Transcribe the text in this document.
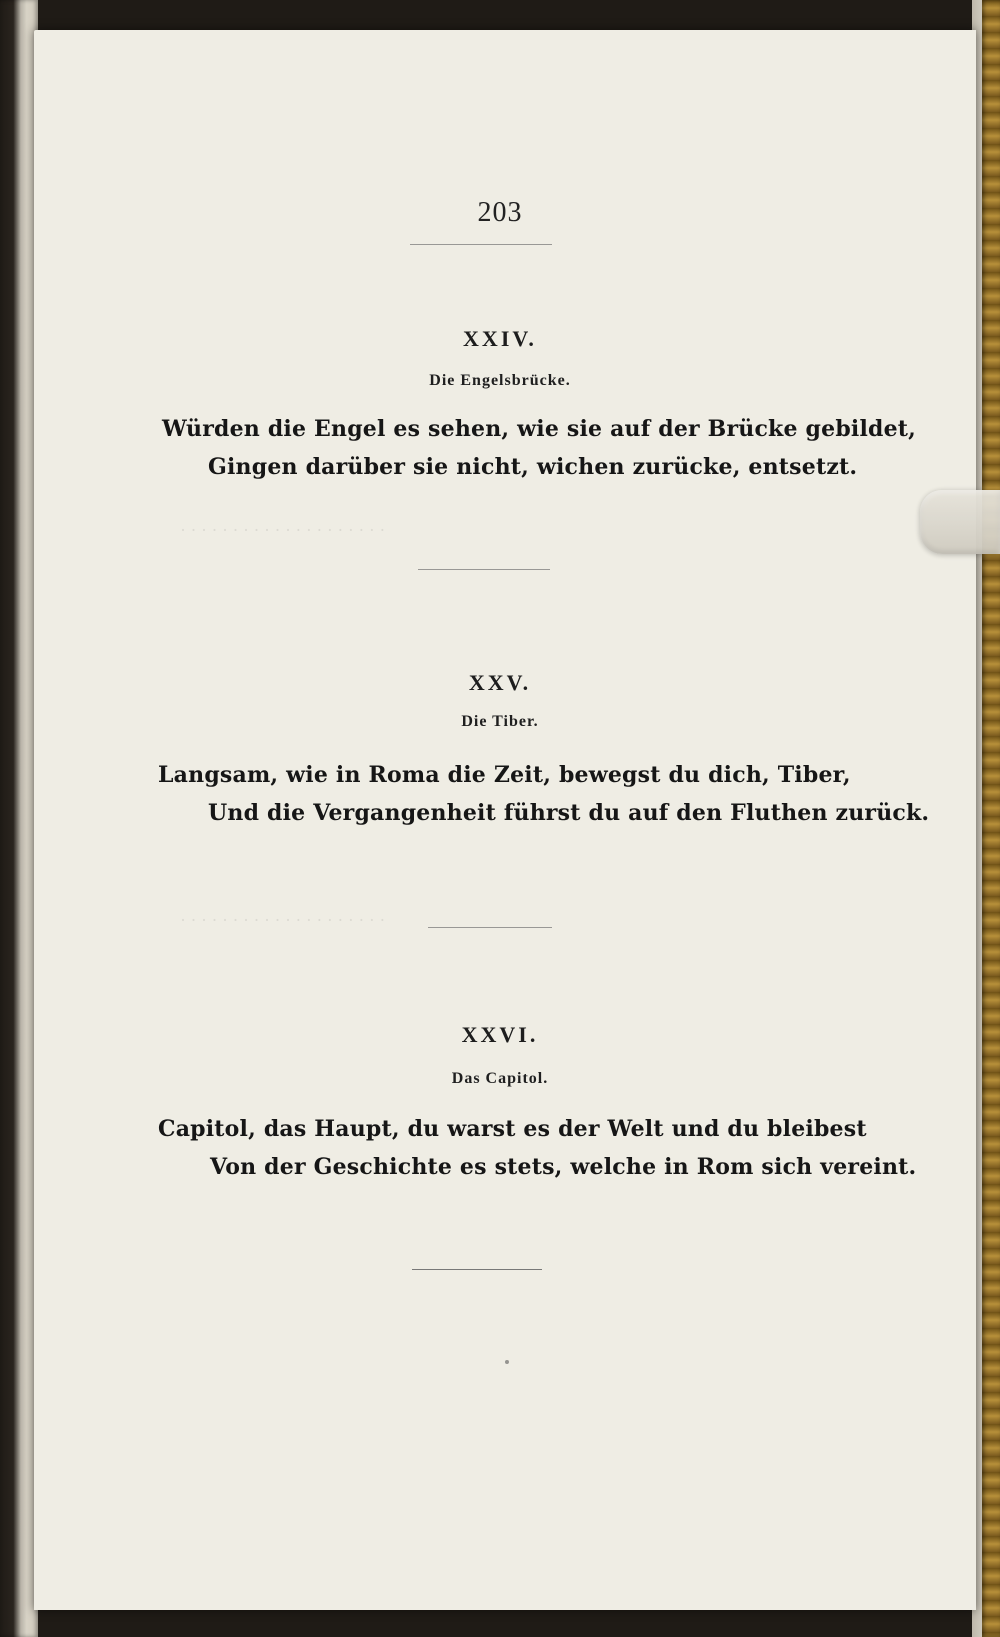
203
XXIV.
Die Engelsbrücke.
Würden die Engel es sehen, wie sie auf der Brücke gebildet,
Gingen darüber sie nicht, wichen zurücke, entsetzt.
XXV.
Die Tiber.
Langsam, wie in Roma die Zeit, bewegst du dich, Tiber,
Und die Vergangenheit führst du auf den Fluthen zurück.
XXVI.
Das Capitol.
Capitol, das Haupt, du warst es der Welt und du bleibest
Von der Geschichte es stets, welche in Rom sich vereint.
· · · · · · · · · · · · · · · · · · · ·
· · · · · · · · · · · · · · · · · · · ·
